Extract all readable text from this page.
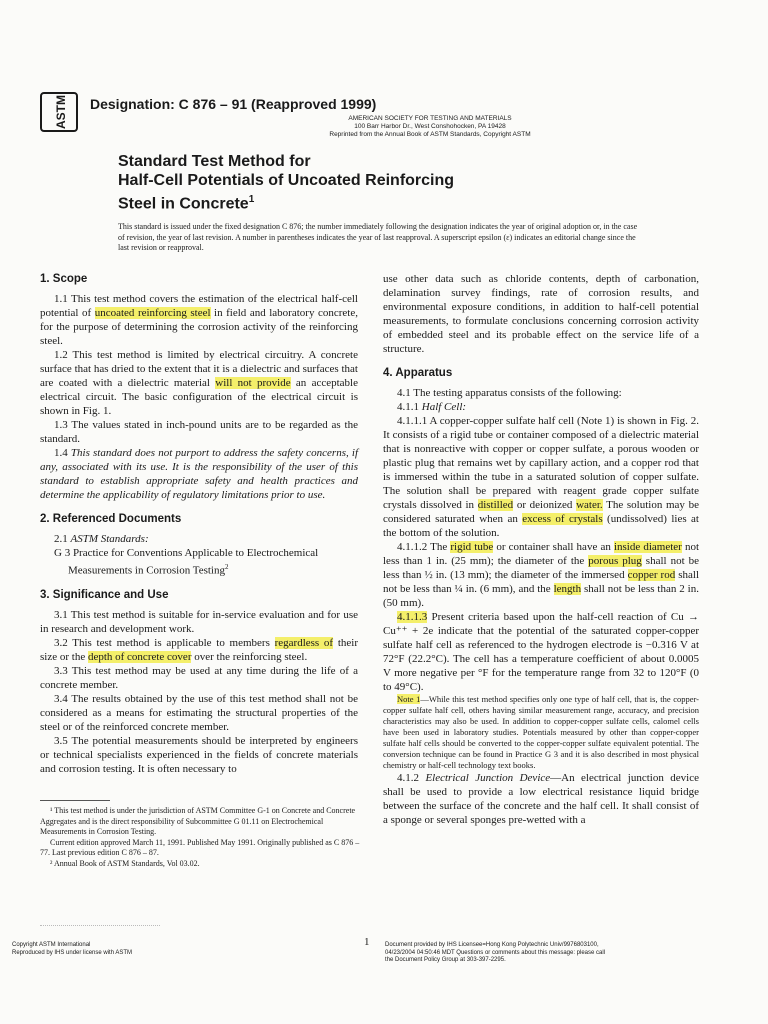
ASTM Designation: C 876 – 91 (Reapproved 1999)
AMERICAN SOCIETY FOR TESTING AND MATERIALS
100 Barr Harbor Dr., West Conshohocken, PA 19428
Reprinted from the Annual Book of ASTM Standards, Copyright ASTM
Standard Test Method for
Half-Cell Potentials of Uncoated Reinforcing
Steel in Concrete$^1$
This standard is issued under the fixed designation C 876; the number immediately following the designation indicates the year of original adoption or, in the case of revision, the year of last revision. A number in parentheses indicates the year of last reapproval. A superscript epsilon (ε) indicates an editorial change since the last revision or reapproval.
1. Scope

1.1 This test method covers the estimation of the electrical half-cell potential of uncoated reinforcing steel in field and laboratory concrete, for the purpose of determining the corrosion activity of the reinforcing steel.

1.2 This test method is limited by electrical circuitry. A concrete surface that has dried to the extent that it is a dielectric and surfaces that are coated with a dielectric material will not provide an acceptable electrical circuit. The basic configuration of the electrical circuit is shown in Fig. 1.

1.3 The values stated in inch-pound units are to be regarded as the standard.

1.4 This standard does not purport to address the safety concerns, if any, associated with its use. It is the responsibility of the user of this standard to establish appropriate safety and health practices and determine the applicability of regulatory limitations prior to use.

2. Referenced Documents

2.1 ASTM Standards:

G 3 Practice for Conventions Applicable to Electrochemical Measurements in Corrosion Testing$^2$

3. Significance and Use

3.1 This test method is suitable for in-service evaluation and for use in research and development work.

3.2 This test method is applicable to members regardless of their size or the depth of concrete cover over the reinforcing steel.

3.3 This test method may be used at any time during the life of a concrete member.

3.4 The results obtained by the use of this test method shall not be considered as a means for estimating the structural properties of the steel or of the reinforced concrete member.

3.5 The potential measurements should be interpreted by engineers or technical specialists experienced in the fields of concrete materials and corrosion testing. It is often necessary to

¹ This test method is under the jurisdiction of ASTM Committee G-1 on Concrete and Concrete Aggregates and is the direct responsibility of Subcommittee G 01.11 on Electrochemical Measurements in Corrosion Testing.

Current edition approved March 11, 1991. Published May 1991. Originally published as C 876 – 77. Last previous edition C 876 – 87.

² Annual Book of ASTM Standards, Vol 03.02.

use other data such as chloride contents, depth of carbonation, delamination survey findings, rate of corrosion results, and environmental exposure conditions, in addition to half-cell potential measurements, to formulate conclusions concerning corrosion activity of embedded steel and its probable effect on the service life of a structure.

4. Apparatus

4.1 The testing apparatus consists of the following:

4.1.1 Half Cell:

4.1.1.1 A copper-copper sulfate half cell (Note 1) is shown in Fig. 2. It consists of a rigid tube or container composed of a dielectric material that is nonreactive with copper or copper sulfate, a porous wooden or plastic plug that remains wet by capillary action, and a copper rod that is immersed within the tube in a saturated solution of copper sulfate. The solution shall be prepared with reagent grade copper sulfate crystals dissolved in distilled or deionized water. The solution may be considered saturated when an excess of crystals (undissolved) lies at the bottom of the solution.

4.1.1.2 The rigid tube or container shall have an inside diameter not less than 1 in. (25 mm); the diameter of the porous plug shall not be less than ½ in. (13 mm); the diameter of the immersed copper rod shall not be less than ¼ in. (6 mm), and the length shall not be less than 2 in. (50 mm).

4.1.1.3 Present criteria based upon the half-cell reaction of Cu → Cu⁺⁺ + 2e indicate that the potential of the saturated copper-copper sulfate half cell as referenced to the hydrogen electrode is −0.316 V at 72°F (22.2°C). The cell has a temperature coefficient of about 0.0005 V more negative per °F for the temperature range from 32 to 120°F (0 to 49°C).

Note 1—While this test method specifies only one type of half cell, that is, the copper-copper sulfate half cell, others having similar measurement range, accuracy, and precision characteristics may also be used. In addition to copper-copper sulfate cells, calomel cells have been used in laboratory studies. Potentials measured by other than copper-copper sulfate half cells should be converted to the copper-copper sulfate equivalent potential. The conversion technique can be found in Practice G 3 and it is also described in most physical chemistry or half-cell technology text books.

4.1.2 Electrical Junction Device—An electrical junction device shall be used to provide a low electrical resistance liquid bridge between the surface of the concrete and the half cell. It shall consist of a sponge or several sponges pre-wetted with a

Copyright ASTM International
Reproduced by IHS under license with ASTM
1	Document provided by IHS Licensee=Hong Kong Polytechnic Univ/9976803100,
04/23/2004 04:50:46 MDT Questions or comments about this message: please call
the Document Policy Group at 303-397-2295.
